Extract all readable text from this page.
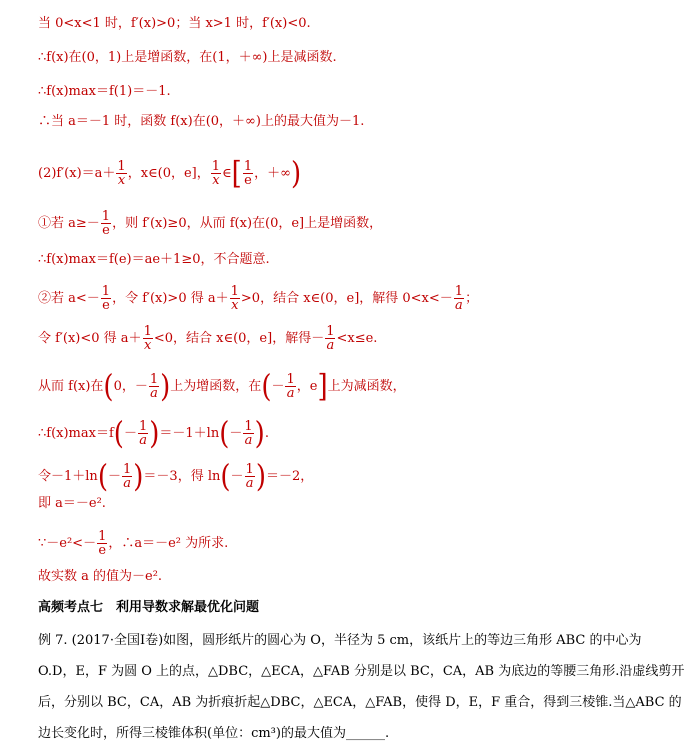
当 0<x<1 时，f′(x)>0；当 x>1 时，f′(x)<0.
∴f(x)在(0，1)上是增函数，在(1，＋∞)上是减函数.
∴f(x)max＝f(1)＝－1.
∴当 a＝－1 时，函数 f(x)在(0，＋∞)上的最大值为－1.
$(2)f'(x)=a+ \frac{1}{x}$ ，x∈(0，e]， $\frac{1}{x}$ ∈[ $\frac{1}{e}$ ，＋∞)
①若 $a\ge- \frac{1}{e}$ ，则 f′(x)≥0，从而 f(x)在(0，e]上是增函数，
∴f(x)max＝f(e)＝ae＋1≥0，不合题意.
②若 $a<- \frac{1}{e}$ ，令 f′(x)>0 得 $a+ \frac{1}{x} >0$，结合 x∈(0，e]，解得 $0<x<- \frac{1}{a}$ ；
令 f′(x)<0 得 $a+ \frac{1}{x} <0$，结合 x∈(0，e]，解得－ $\frac{1}{a} <x\le e$.
从而 f(x)在(0，－ $\frac{1}{a}$ )上为增函数，在(－ $\frac{1}{a}$ ，e]上为减函数，
∴f(x)max＝f(－ $\frac{1}{a} )=-1+\ln(- \frac{1}{a}$ ).
令$-1+\ln(- \frac{1}{a} )=-3$，得 $\ln(- \frac{1}{a} )=-2$，
即 a＝－e².
∵－e²<－ $\frac{1}{e}$ ，∴a＝－e² 为所求.
故实数 a 的值为－e².
高频考点七　利用导数求解最优化问题
例 7. (2017·全国Ⅰ卷)如图，圆形纸片的圆心为 O，半径为 5 cm，该纸片上的等边三角形 ABC 的中心为
O.D，E，F 为圆 O 上的点，△DBC，△ECA，△FAB 分别是以 BC，CA，AB 为底边的等腰三角形.沿虚线剪开
后，分别以 BC，CA，AB 为折痕折起△DBC，△ECA，△FAB，使得 D，E，F 重合，得到三棱锥.当△ABC 的
边长变化时，所得三棱锥体积(单位：cm³)的最大值为______.
